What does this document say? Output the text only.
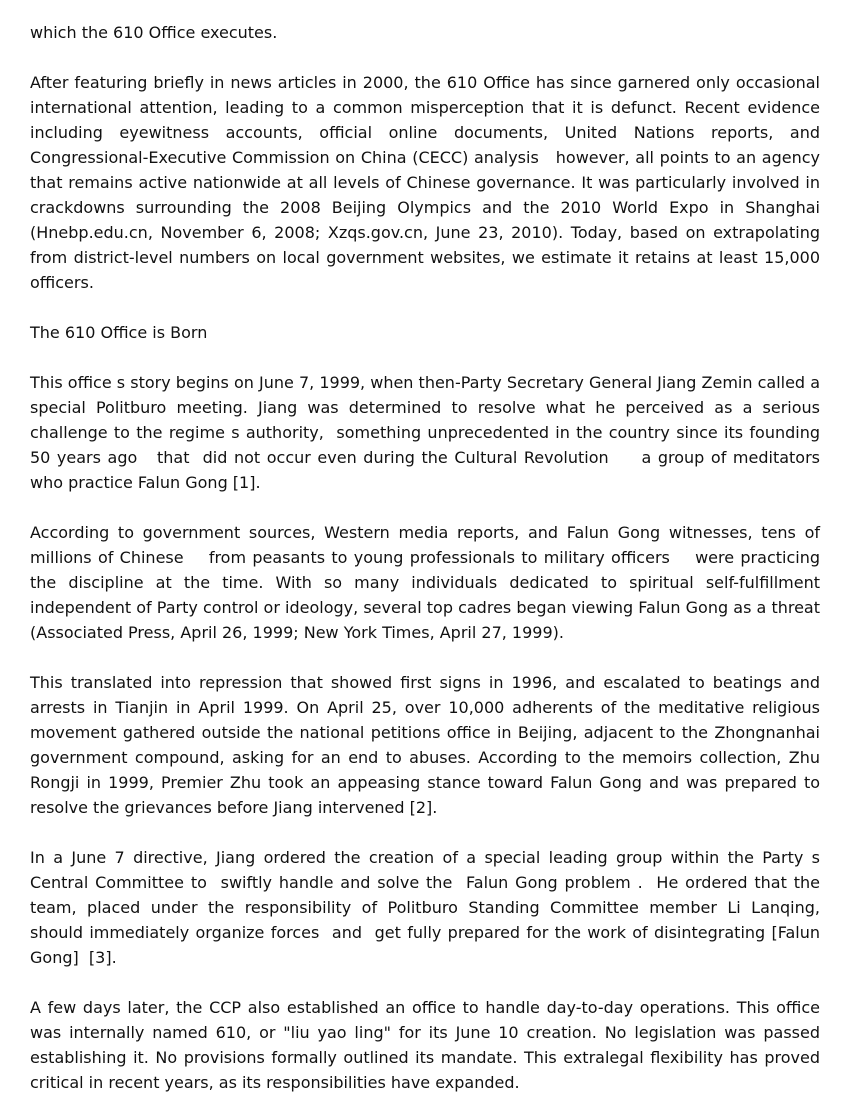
which the 610 Office executes.

After featuring briefly in news articles in 2000, the 610 Office has since garnered only occasional international attention, leading to a common misperception that it is defunct. Recent evidence   including eyewitness accounts, official online documents, United Nations reports, and Congressional-Executive Commission on China (CECC) analysis   however, all points to an agency that remains active nationwide at all levels of Chinese governance. It was particularly involved in crackdowns surrounding the 2008 Beijing Olympics and the 2010 World Expo in Shanghai (Hnebp.edu.cn, November 6, 2008; Xzqs.gov.cn, June 23, 2010). Today, based on extrapolating from district-level numbers on local government websites, we estimate it retains at least 15,000 officers.

The 610 Office is Born

This office s story begins on June 7, 1999, when then-Party Secretary General Jiang Zemin called a special Politburo meeting. Jiang was determined to resolve what he perceived as a serious challenge to the regime s authority,  something unprecedented in the country since its founding 50 years ago   that  did not occur even during the Cultural Revolution     a group of meditators who practice Falun Gong [1].

According to government sources, Western media reports, and Falun Gong witnesses, tens of millions of Chinese    from peasants to young professionals to military officers    were practicing the discipline at the time. With so many individuals dedicated to spiritual self-fulfillment independent of Party control or ideology, several top cadres began viewing Falun Gong as a threat (Associated Press, April 26, 1999; New York Times, April 27, 1999).

This translated into repression that showed first signs in 1996, and escalated to beatings and arrests in Tianjin in April 1999. On April 25, over 10,000 adherents of the meditative religious movement gathered outside the national petitions office in Beijing, adjacent to the Zhongnanhai government compound, asking for an end to abuses. According to the memoirs collection, Zhu Rongji in 1999, Premier Zhu took an appeasing stance toward Falun Gong and was prepared to resolve the grievances before Jiang intervened [2].

In a June 7 directive, Jiang ordered the creation of a special leading group within the Party s Central Committee to  swiftly handle and solve the  Falun Gong problem .  He ordered that the team, placed under the responsibility of Politburo Standing Committee member Li Lanqing,  should immediately organize forces  and  get fully prepared for the work of disintegrating [Falun Gong]  [3].

A few days later, the CCP also established an office to handle day-to-day operations. This office was internally named 610, or "liu yao ling" for its June 10 creation. No legislation was passed establishing it. No provisions formally outlined its mandate. This extralegal flexibility has proved critical in recent years, as its responsibilities have expanded.
